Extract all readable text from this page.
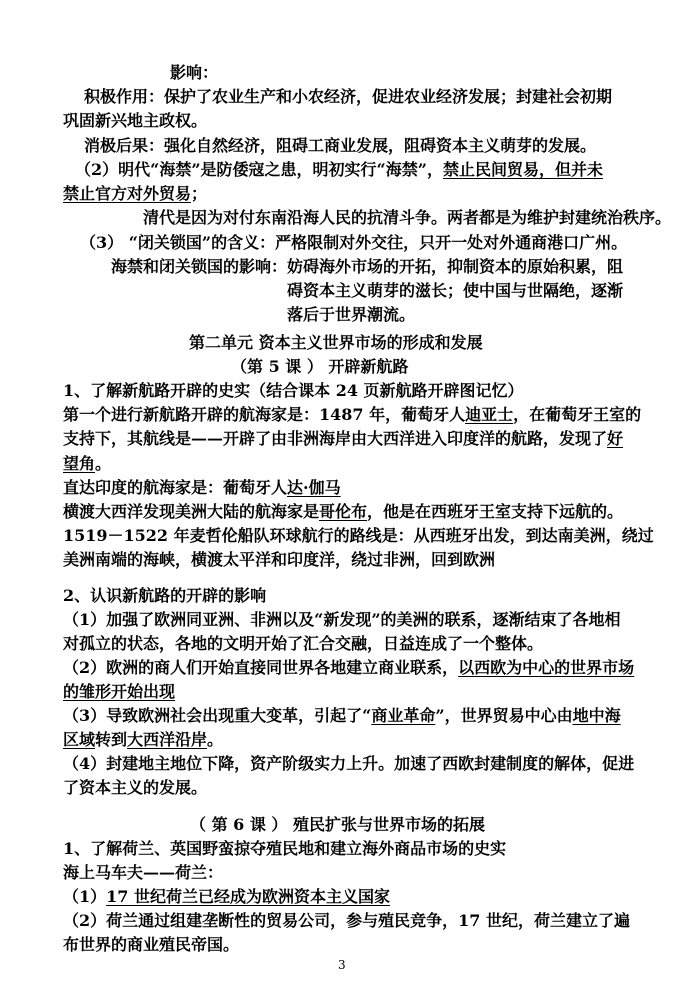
影响：
积极作用：保护了农业生产和小农经济，促进农业经济发展；封建社会初期
巩固新兴地主政权。
消极后果：强化自然经济，阻碍工商业发展，阻碍资本主义萌芽的发展。
（2）明代“海禁”是防倭寇之患，明初实行“海禁”，禁止民间贸易，但并未
禁止官方对外贸易；
清代是因为对付东南沿海人民的抗清斗争。两者都是为维护封建统治秩序。
（3） “闭关锁国”的含义：严格限制对外交往，只开一处对外通商港口广州。
海禁和闭关锁国的影响：妨碍海外市场的开拓，抑制资本的原始积累，阻
碍资本主义萌芽的滋长；使中国与世隔绝，逐渐
落后于世界潮流。
第二单元 资本主义世界市场的形成和发展
（第 5 课 ） 开辟新航路
1、了解新航路开辟的史实（结合课本 24 页新航路开辟图记忆）
第一个进行新航路开辟的航海家是：1487 年，葡萄牙人迪亚士，在葡萄牙王室的
支持下，其航线是——开辟了由非洲海岸由大西洋进入印度洋的航路，发现了好
望角。
直达印度的航海家是：葡萄牙人达·伽马
横渡大西洋发现美洲大陆的航海家是哥伦布，他是在西班牙王室支持下远航的。
1519－1522 年麦哲伦船队环球航行的路线是：从西班牙出发，到达南美洲，绕过
美洲南端的海峡，横渡太平洋和印度洋，绕过非洲，回到欧洲
2、认识新航路的开辟的影响
（1）加强了欧洲同亚洲、非洲以及“新发现”的美洲的联系，逐渐结束了各地相
对孤立的状态，各地的文明开始了汇合交融，日益连成了一个整体。
（2）欧洲的商人们开始直接同世界各地建立商业联系，以西欧为中心的世界市场
的雏形开始出现
（3）导致欧洲社会出现重大变革，引起了“商业革命”，世界贸易中心由地中海
区域转到大西洋沿岸。
（4）封建地主地位下降，资产阶级实力上升。加速了西欧封建制度的解体，促进
了资本主义的发展。
（ 第 6 课 ） 殖民扩张与世界市场的拓展
1、了解荷兰、英国野蛮掠夺殖民地和建立海外商品市场的史实
海上马车夫——荷兰：
（1）17 世纪荷兰已经成为欧洲资本主义国家
（2）荷兰通过组建垄断性的贸易公司，参与殖民竞争，17 世纪，荷兰建立了遍
布世界的商业殖民帝国。
3
